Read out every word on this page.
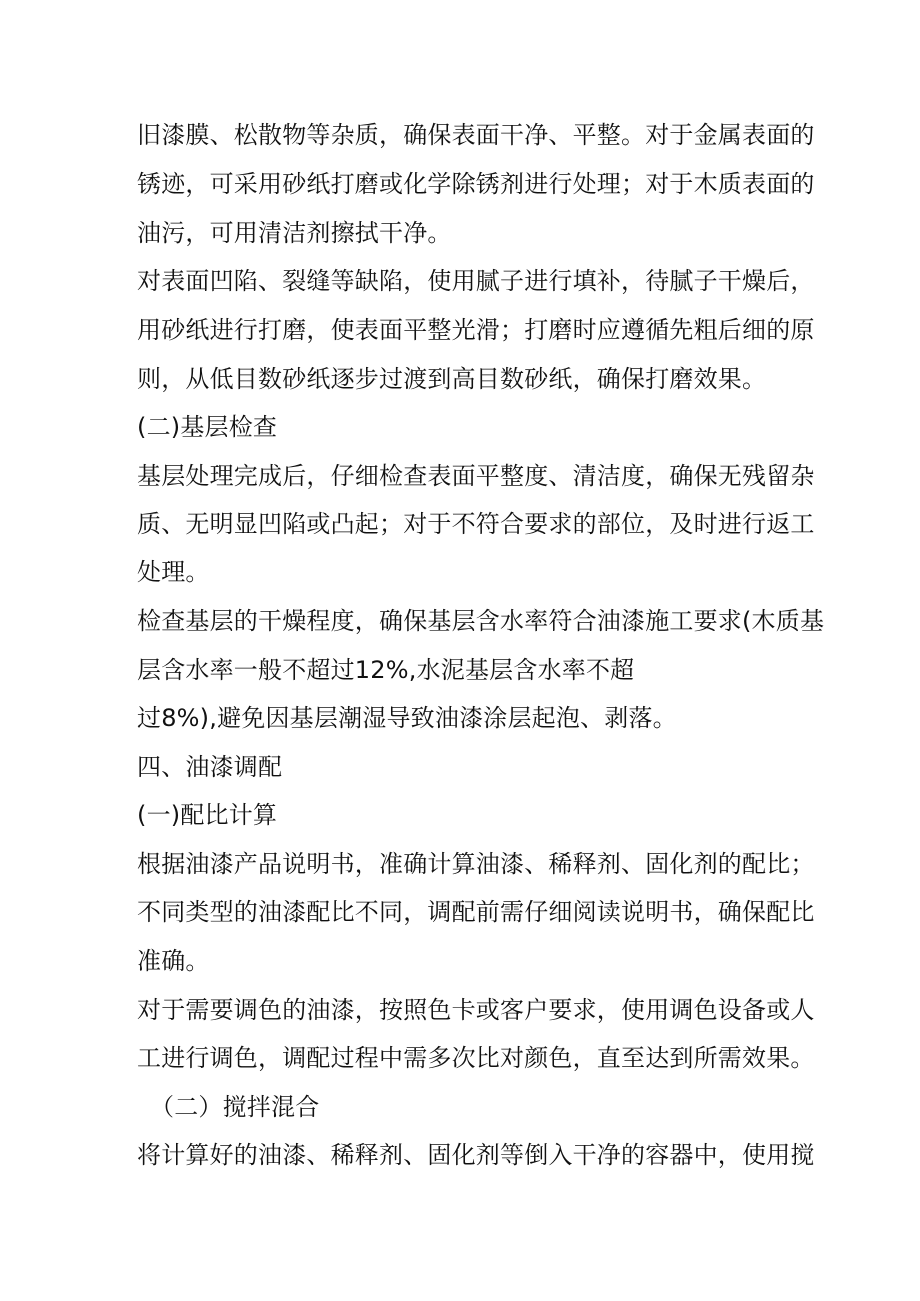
旧漆膜、松散物等杂质，确保表面干净、平整。对于金属表面的
锈迹，可采用砂纸打磨或化学除锈剂进行处理；对于木质表面的
油污，可用清洁剂擦拭干净。
对表面凹陷、裂缝等缺陷，使用腻子进行填补，待腻子干燥后，
用砂纸进行打磨，使表面平整光滑；打磨时应遵循先粗后细的原
则，从低目数砂纸逐步过渡到高目数砂纸，确保打磨效果。
(二)基层检查
基层处理完成后，仔细检查表面平整度、清洁度，确保无残留杂
质、无明显凹陷或凸起；对于不符合要求的部位，及时进行返工
处理。
检查基层的干燥程度，确保基层含水率符合油漆施工要求(木质基
层含水率一般不超过12%,水泥基层含水率不超
过8%),避免因基层潮湿导致油漆涂层起泡、剥落。
四、油漆调配
(一)配比计算
根据油漆产品说明书，准确计算油漆、稀释剂、固化剂的配比；
不同类型的油漆配比不同，调配前需仔细阅读说明书，确保配比
准确。
对于需要调色的油漆，按照色卡或客户要求，使用调色设备或人
工进行调色，调配过程中需多次比对颜色，直至达到所需效果。
（二）搅拌混合
将计算好的油漆、稀释剂、固化剂等倒入干净的容器中，使用搅
